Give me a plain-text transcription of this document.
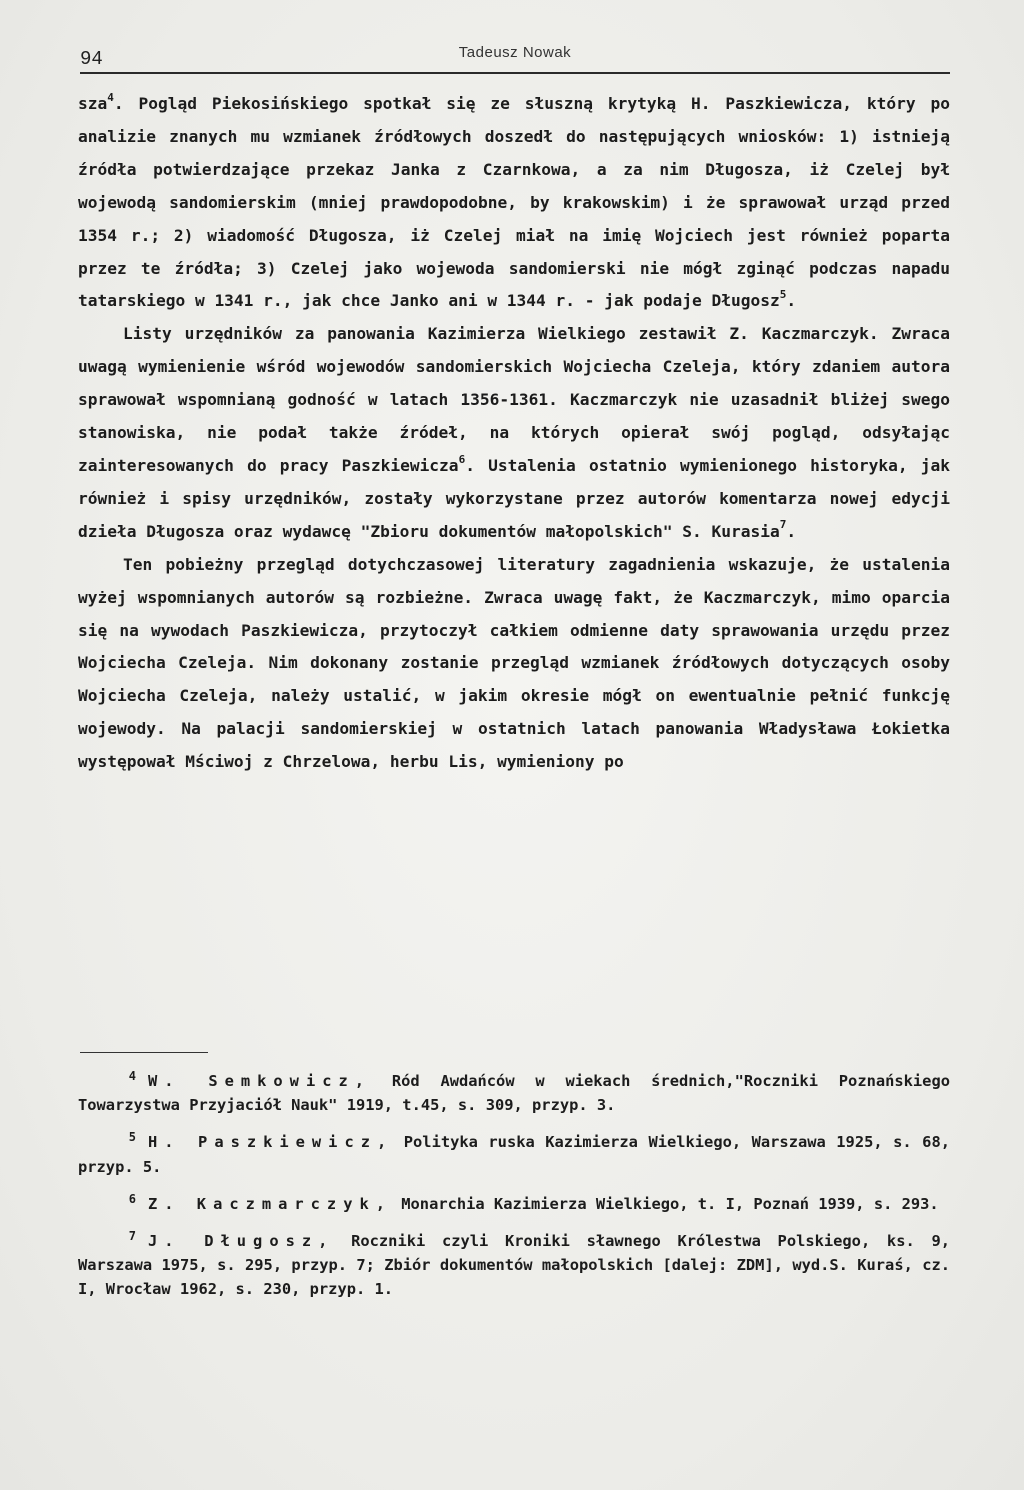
94	Tadeusz Nowak

sza$^4$. Pogląd Piekosińskiego spotkał się ze słuszną krytyką H. Paszkiewicza, który po analizie znanych mu wzmianek źródłowych doszedł do następujących wniosków: 1) istnieją źródła potwierdzające przekaz Janka z Czarnkowa, a za nim Długosza, iż Czelej był wojewodą sandomierskim (mniej prawdopodobne, by krakowskim) i że sprawował urząd przed 1354 r.; 2) wiadomość Długosza, iż Czelej miał na imię Wojciech jest również poparta przez te źródła; 3) Czelej jako wojewoda sandomierski nie mógł zginąć podczas napadu tatarskiego w 1341 r., jak chce Janko ani w 1344 r. - jak podaje Długosz$^5$.

Listy urzędników za panowania Kazimierza Wielkiego zestawił Z. Kaczmarczyk. Zwraca uwagą wymienienie wśród wojewodów sandomierskich Wojciecha Czeleja, który zdaniem autora sprawował wspomnianą godność w latach 1356-1361. Kaczmarczyk nie uzasadnił bliżej swego stanowiska, nie podał także źródeł, na których opierał swój pogląd, odsyłając zainteresowanych do pracy Paszkiewicza$^6$. Ustalenia ostatnio wymienionego historyka, jak również i spisy urzędników, zostały wykorzystane przez autorów komentarza nowej edycji dzieła Długosza oraz wydawcę "Zbioru dokumentów małopolskich" S. Kurasia$^7$.

Ten pobieżny przegląd dotychczasowej literatury zagadnienia wskazuje, że ustalenia wyżej wspomnianych autorów są rozbieżne. Zwraca uwagę fakt, że Kaczmarczyk, mimo oparcia się na wywodach Paszkiewicza, przytoczył całkiem odmienne daty sprawowania urzędu przez Wojciecha Czeleja. Nim dokonany zostanie przegląd wzmianek źródłowych dotyczących osoby Wojciecha Czeleja, należy ustalić, w jakim okresie mógł on ewentualnie pełnić funkcję wojewody. Na palacji sandomierskiej w ostatnich latach panowania Władysława Łokietka występował Mściwoj z Chrzelowa, herbu Lis, wymieniony po

4 W. Semkowicz, Ród Awdańców w wiekach średnich,"Roczniki Poznańskiego Towarzystwa Przyjaciół Nauk" 1919, t.45, s. 309, przyp. 3.

5 H. Paszkiewicz, Polityka ruska Kazimierza Wielkiego, Warszawa 1925, s. 68, przyp. 5.

6 Z. Kaczmarczyk, Monarchia Kazimierza Wielkiego, t. I, Poznań 1939, s. 293.

7 J. Długosz, Roczniki czyli Kroniki sławnego Królestwa Polskiego, ks. 9, Warszawa 1975, s. 295, przyp. 7; Zbiór dokumentów małopolskich [dalej: ZDM], wyd.S. Kuraś, cz. I, Wrocław 1962, s. 230, przyp. 1.
